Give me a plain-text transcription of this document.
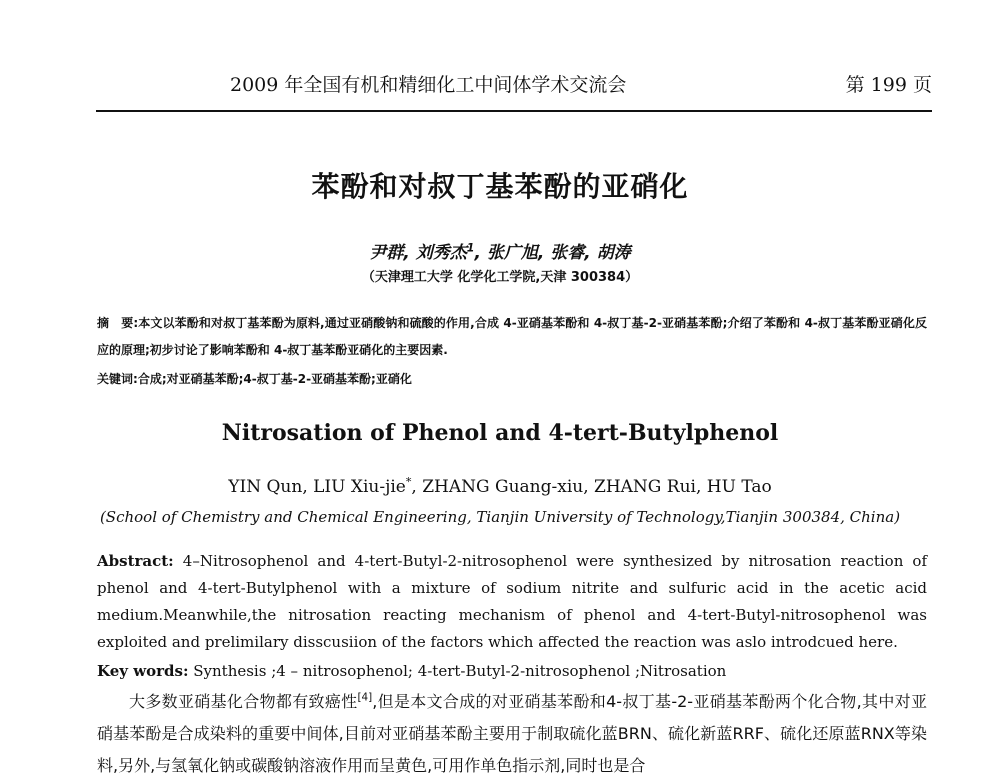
2009 年全国有机和精细化工中间体学术交流会	第 199 页
苯酚和对叔丁基苯酚的亚硝化
尹群, 刘秀杰$^1$, 张广旭, 张睿, 胡涛
（天津理工大学 化学化工学院,天津 300384）
摘　要:本文以苯酚和对叔丁基苯酚为原料,通过亚硝酸钠和硫酸的作用,合成 4-亚硝基苯酚和 4-叔丁基-2-亚硝基苯酚;介绍了苯酚和 4-叔丁基苯酚亚硝化反应的原理;初步讨论了影响苯酚和 4-叔丁基苯酚亚硝化的主要因素.
关键词:合成;对亚硝基苯酚;4-叔丁基-2-亚硝基苯酚;亚硝化
Nitrosation of Phenol and 4-tert-Butylphenol
YIN Qun, LIU Xiu-jie*, ZHANG Guang-xiu, ZHANG Rui, HU Tao
(School of Chemistry and Chemical Engineering, Tianjin University of Technology,Tianjin 300384, China)
Abstract: 4–Nitrosophenol and 4-tert-Butyl-2-nitrosophenol were synthesized by nitrosation reaction of phenol and 4-tert-Butylphenol with a mixture of sodium nitrite and sulfuric acid in the acetic acid medium.Meanwhile,the nitrosation reacting mechanism of phenol and 4-tert-Butyl-nitrosophenol was exploited and prelimilary disscusiion of the factors which affected the reaction was aslo introdcued here.
Key words: Synthesis ;4 – nitrosophenol; 4-tert-Butyl-2-nitrosophenol ;Nitrosation
大多数亚硝基化合物都有致癌性[4],但是本文合成的对亚硝基苯酚和4-叔丁基-2-亚硝基苯酚两个化合物,其中对亚硝基苯酚是合成染料的重要中间体,目前对亚硝基苯酚主要用于制取硫化蓝BRN、硫化新蓝RRF、硫化还原蓝RNX等染料,另外,与氢氧化钠或碳酸钠溶液作用而呈黄色,可用作单色指示剂,同时也是合
